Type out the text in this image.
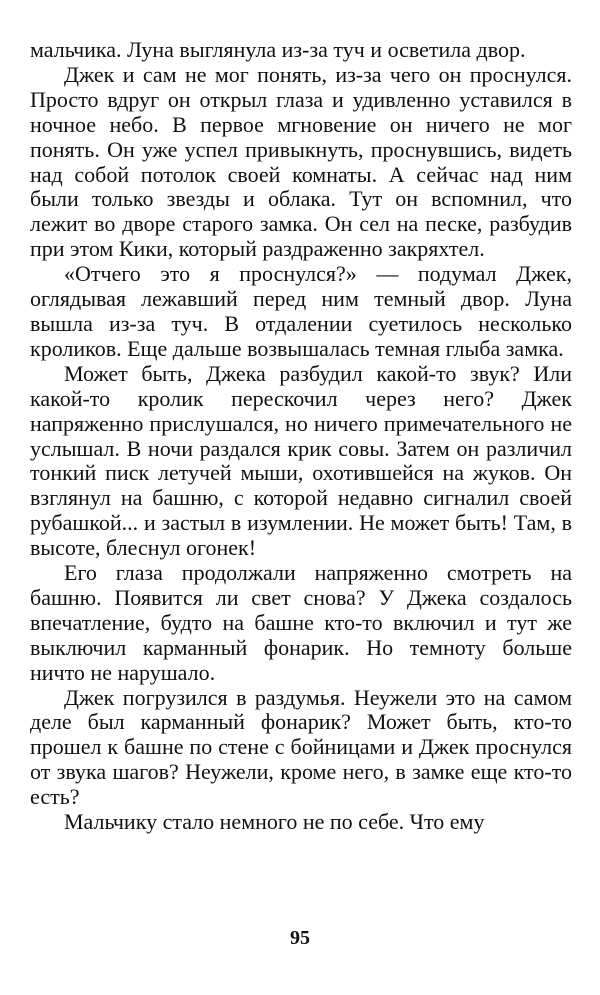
мальчика. Луна выглянула из-за туч и осветила двор.

Джек и сам не мог понять, из-за чего он проснулся. Просто вдруг он открыл глаза и удивленно уставился в ночное небо. В первое мгновение он ничего не мог понять. Он уже успел привыкнуть, проснувшись, видеть над собой потолок своей комнаты. А сейчас над ним были только звезды и облака. Тут он вспомнил, что лежит во дворе старого замка. Он сел на песке, разбудив при этом Кики, который раздраженно закряхтел.

«Отчего это я проснулся?» — подумал Джек, оглядывая лежавший перед ним темный двор. Луна вышла из-за туч. В отдалении суетилось несколько кроликов. Еще дальше возвышалась темная глыба замка.

Может быть, Джека разбудил какой-то звук? Или какой-то кролик перескочил через него? Джек напряженно прислушался, но ничего примечательного не услышал. В ночи раздался крик совы. Затем он различил тонкий писк летучей мыши, охотившейся на жуков. Он взглянул на башню, с которой недавно сигналил своей рубашкой... и застыл в изумлении. Не может быть! Там, в высоте, блеснул огонек!

Его глаза продолжали напряженно смотреть на башню. Появится ли свет снова? У Джека создалось впечатление, будто на башне кто-то включил и тут же выключил карманный фонарик. Но темноту больше ничто не нарушало.

Джек погрузился в раздумья. Неужели это на самом деле был карманный фонарик? Может быть, кто-то прошел к башне по стене с бойницами и Джек проснулся от звука шагов? Неужели, кроме него, в замке еще кто-то есть?

Мальчику стало немного не по себе. Что ему

95
